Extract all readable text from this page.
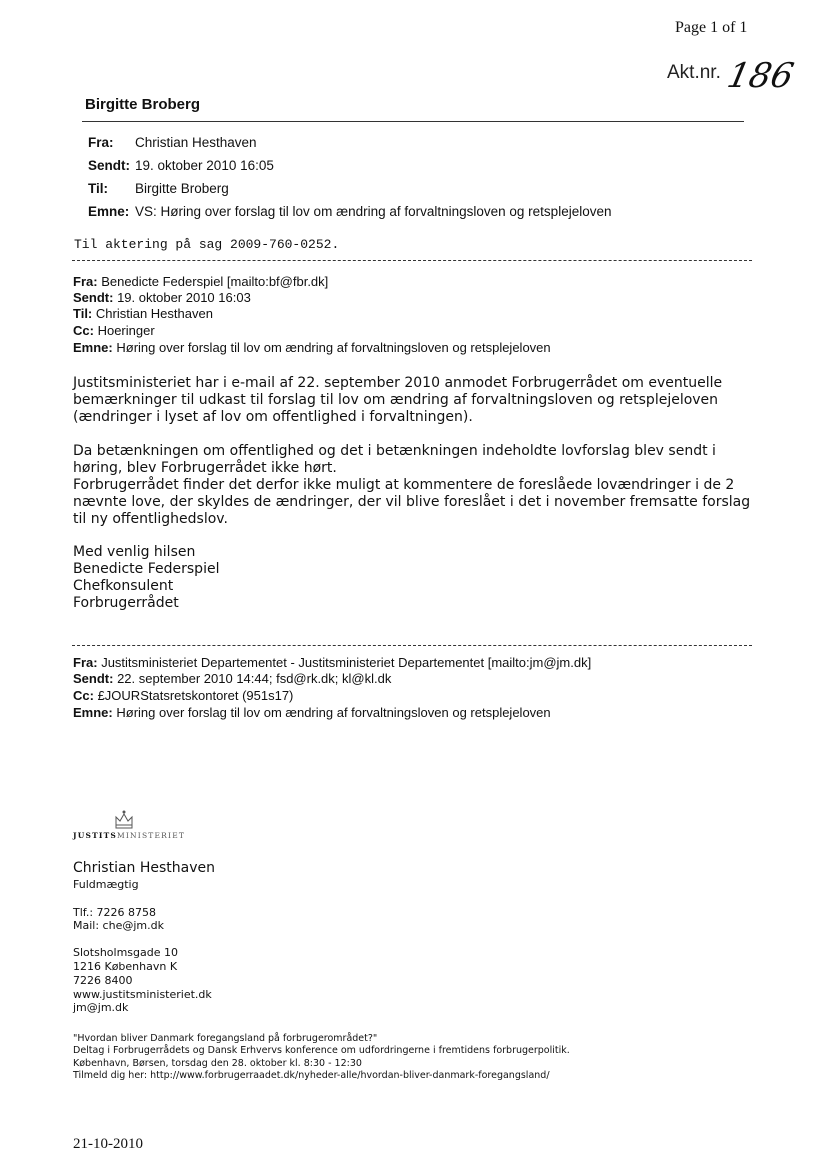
Page 1 of 1
Akt.nr. 186
Birgitte Broberg
Fra:	Christian Hesthaven
Sendt: 19. oktober 2010 16:05
Til:	Birgitte Broberg
Emne: VS: Høring over forslag til lov om ændring af forvaltningsloven og retsplejeloven
Til aktering på sag 2009-760-0252.
Fra: Benedicte Federspiel [mailto:bf@fbr.dk]
Sendt: 19. oktober 2010 16:03
Til: Christian Hesthaven
Cc: Hoeringer
Emne: Høring over forslag til lov om ændring af forvaltningsloven og retsplejeloven
Justitsministeriet har i e-mail af 22. september 2010 anmodet Forbrugerrådet om eventuelle bemærkninger til udkast til forslag til lov om ændring af forvaltningsloven og retsplejeloven (ændringer i lyset af lov om offentlighed i forvaltningen).
Da betænkningen om offentlighed og det i betænkningen indeholdte lovforslag blev sendt i høring, blev Forbrugerrådet ikke hørt.
Forbrugerrådet finder det derfor ikke muligt at kommentere de foreslåede lovændringer i de 2 nævnte love, der skyldes de ændringer, der vil blive foreslået i det i november fremsatte forslag til ny offentlighedslov.
Med venlig hilsen
Benedicte Federspiel
Chefkonsulent
Forbrugerrådet
Fra: Justitsministeriet Departementet - Justitsministeriet Departementet [mailto:jm@jm.dk]
Sendt: 22. september 2010 14:44; fsd@rk.dk; kl@kl.dk
Cc: £JOURStatsretskontoret (951s17)
Emne: Høring over forslag til lov om ændring af forvaltningsloven og retsplejeloven
JUSTITSMINISTERIET
Christian Hesthaven
Fuldmægtig
Tlf.: 7226 8758
Mail: che@jm.dk
Slotsholmsgade 10
1216 København K
7226 8400
www.justitsministeriet.dk
jm@jm.dk
"Hvordan bliver Danmark foregangsland på forbrugerområdet?"
Deltag i Forbrugerrådets og Dansk Erhvervs konference om udfordringerne i fremtidens forbrugerpolitik.
København, Børsen, torsdag den 28. oktober kl. 8:30 - 12:30
Tilmeld dig her: http://www.forbrugerraadet.dk/nyheder-alle/hvordan-bliver-danmark-foregangsland/
21-10-2010
